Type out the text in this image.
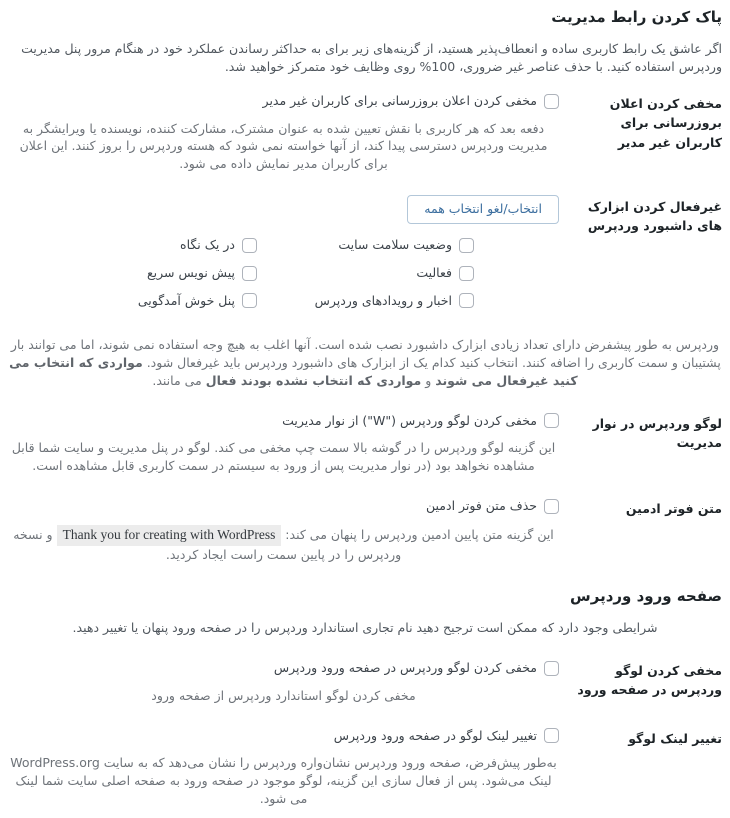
پاک کردن رابط مدیریت

اگر عاشق یک رابط کاربری ساده و انعطاف‌پذیر هستید، از گزینه‌های زیر برای به حداکثر رساندن عملکرد خود در هنگام مرور پنل مدیریت وردپرس استفاده کنید. با حذف عناصر غیر ضروری، 100% روی وظایف خود متمرکز خواهید شد.

مخفی کردن اعلان بروزرسانی برای کاربران غیر مدیر	مخفی کردن اعلان بروزرسانی برای کاربران غیر مدیر

دفعه بعد که هر کاربری با نقش تعیین شده به عنوان مشترک، مشارکت کننده، نویسنده یا ویرایشگر به مدیریت وردپرس دسترسی پیدا کند، از آنها خواسته نمی شود که هسته وردپرس را بروز کنند. این اعلان برای کاربران مدیر نمایش داده می شود.

غیرفعال کردن ابزارک های داشبورد وردپرس	انتخاب/لغو انتخاب همه
وضعیت سلامت سایت
در یک نگاه
فعالیت
پیش نویس سریع
اخبار و رویدادهای وردپرس
پنل خوش آمدگویی

وردپرس به طور پیشفرض دارای تعداد زیادی ابزارک داشبورد نصب شده است. آنها اغلب به هیچ وجه استفاده نمی شوند، اما می توانند بار پشتیبان و سمت کاربری را اضافه کنند. انتخاب کنید کدام یک از ابزارک های داشبورد وردپرس باید غیرفعال شود. مواردی که انتخاب می کنید غیرفعال می شوند و مواردی که انتخاب نشده بودند فعال می مانند.	

لوگو وردپرس در نوار مدیریت	مخفی کردن لوگو وردپرس ("W") از نوار مدیریت

این گزینه لوگو وردپرس را در گوشه بالا سمت چپ مخفی می کند. لوگو در پنل مدیریت و سایت شما قابل مشاهده نخواهد بود (در نوار مدیریت پس از ورود به سیستم در سمت کاربری قابل مشاهده است.

متن فوتر ادمین	حذف متن فوتر ادمین

این گزینه متن پایین ادمین وردپرس را پنهان می کند: Thank you for creating with WordPress و نسخه وردپرس را در پایین سمت راست ایجاد کردید.

صفحه ورود وردپرس

شرایطی وجود دارد که ممکن است ترجیح دهید نام تجاری استاندارد وردپرس را در صفحه ورود پنهان یا تغییر دهید.

مخفی کردن لوگو وردپرس در صفحه ورود	مخفی کردن لوگو وردپرس در صفحه ورود وردپرس

مخفی کردن لوگو استاندارد وردپرس از صفحه ورود

تغییر لینک لوگو	تغییر لینک لوگو در صفحه ورود وردپرس

به‌طور پیش‌فرض، صفحه ورود وردپرس نشان‌واره وردپرس را نشان می‌دهد که به سایت WordPress.org لینک می‌شود. پس از فعال سازی این گزینه، لوگو موجود در صفحه ورود به صفحه اصلی سایت شما لینک می شود.
